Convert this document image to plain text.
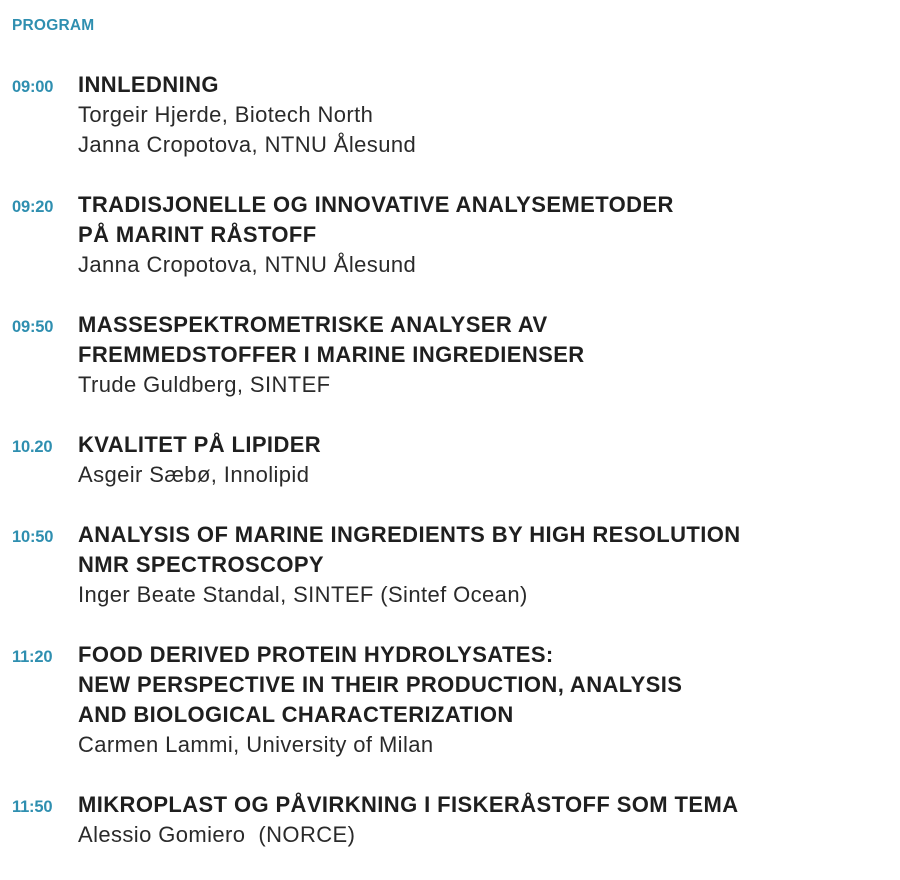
PROGRAM
09:00	INNLEDNING
Torgeir Hjerde, Biotech North
Janna Cropotova, NTNU Ålesund
09:20	TRADISJONELLE OG INNOVATIVE ANALYSEMETODER
PÅ MARINT RÅSTOFF
Janna Cropotova, NTNU Ålesund
09:50	MASSESPEKTROMETRISKE ANALYSER AV
FREMMEDSTOFFER I MARINE INGREDIENSER
Trude Guldberg, SINTEF
10.20	KVALITET PÅ LIPIDER
Asgeir Sæbø, Innolipid
10:50	ANALYSIS OF MARINE INGREDIENTS BY HIGH RESOLUTION
NMR SPECTROSCOPY
Inger Beate Standal, SINTEF (Sintef Ocean)
11:20	FOOD DERIVED PROTEIN HYDROLYSATES:
NEW PERSPECTIVE IN THEIR PRODUCTION, ANALYSIS
AND BIOLOGICAL CHARACTERIZATION
Carmen Lammi, University of Milan
11:50	MIKROPLAST OG PÅVIRKNING I FISKERÅSTOFF SOM TEMA
Alessio Gomiero  (NORCE)
